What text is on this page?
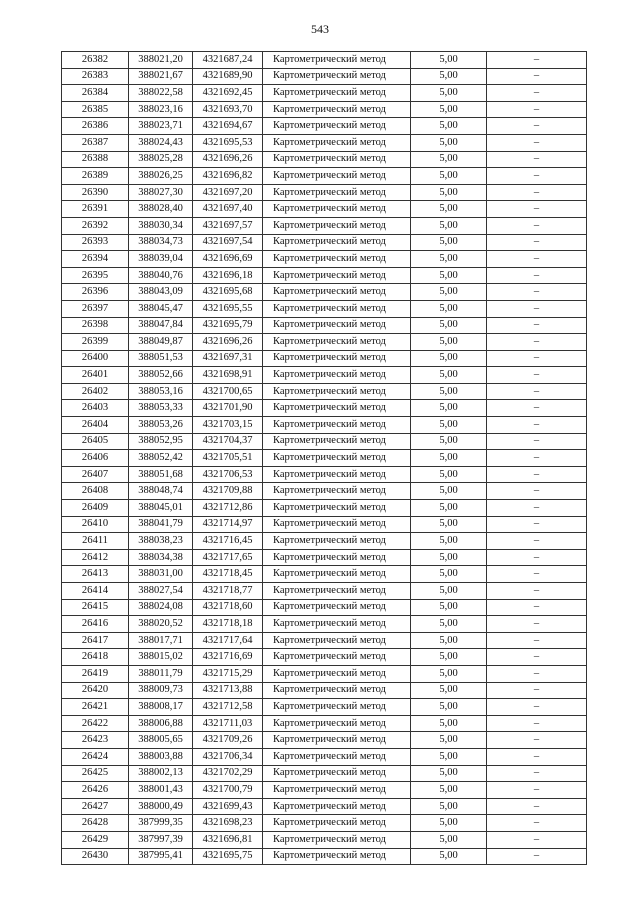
543
26382	388021,20	4321687,24	Картометрический метод	5,00	–
26383	388021,67	4321689,90	Картометрический метод	5,00	–
26384	388022,58	4321692,45	Картометрический метод	5,00	–
26385	388023,16	4321693,70	Картометрический метод	5,00	–
26386	388023,71	4321694,67	Картометрический метод	5,00	–
26387	388024,43	4321695,53	Картометрический метод	5,00	–
26388	388025,28	4321696,26	Картометрический метод	5,00	–
26389	388026,25	4321696,82	Картометрический метод	5,00	–
26390	388027,30	4321697,20	Картометрический метод	5,00	–
26391	388028,40	4321697,40	Картометрический метод	5,00	–
26392	388030,34	4321697,57	Картометрический метод	5,00	–
26393	388034,73	4321697,54	Картометрический метод	5,00	–
26394	388039,04	4321696,69	Картометрический метод	5,00	–
26395	388040,76	4321696,18	Картометрический метод	5,00	–
26396	388043,09	4321695,68	Картометрический метод	5,00	–
26397	388045,47	4321695,55	Картометрический метод	5,00	–
26398	388047,84	4321695,79	Картометрический метод	5,00	–
26399	388049,87	4321696,26	Картометрический метод	5,00	–
26400	388051,53	4321697,31	Картометрический метод	5,00	–
26401	388052,66	4321698,91	Картометрический метод	5,00	–
26402	388053,16	4321700,65	Картометрический метод	5,00	–
26403	388053,33	4321701,90	Картометрический метод	5,00	–
26404	388053,26	4321703,15	Картометрический метод	5,00	–
26405	388052,95	4321704,37	Картометрический метод	5,00	–
26406	388052,42	4321705,51	Картометрический метод	5,00	–
26407	388051,68	4321706,53	Картометрический метод	5,00	–
26408	388048,74	4321709,88	Картометрический метод	5,00	–
26409	388045,01	4321712,86	Картометрический метод	5,00	–
26410	388041,79	4321714,97	Картометрический метод	5,00	–
26411	388038,23	4321716,45	Картометрический метод	5,00	–
26412	388034,38	4321717,65	Картометрический метод	5,00	–
26413	388031,00	4321718,45	Картометрический метод	5,00	–
26414	388027,54	4321718,77	Картометрический метод	5,00	–
26415	388024,08	4321718,60	Картометрический метод	5,00	–
26416	388020,52	4321718,18	Картометрический метод	5,00	–
26417	388017,71	4321717,64	Картометрический метод	5,00	–
26418	388015,02	4321716,69	Картометрический метод	5,00	–
26419	388011,79	4321715,29	Картометрический метод	5,00	–
26420	388009,73	4321713,88	Картометрический метод	5,00	–
26421	388008,17	4321712,58	Картометрический метод	5,00	–
26422	388006,88	4321711,03	Картометрический метод	5,00	–
26423	388005,65	4321709,26	Картометрический метод	5,00	–
26424	388003,88	4321706,34	Картометрический метод	5,00	–
26425	388002,13	4321702,29	Картометрический метод	5,00	–
26426	388001,43	4321700,79	Картометрический метод	5,00	–
26427	388000,49	4321699,43	Картометрический метод	5,00	–
26428	387999,35	4321698,23	Картометрический метод	5,00	–
26429	387997,39	4321696,81	Картометрический метод	5,00	–
26430	387995,41	4321695,75	Картометрический метод	5,00	–
